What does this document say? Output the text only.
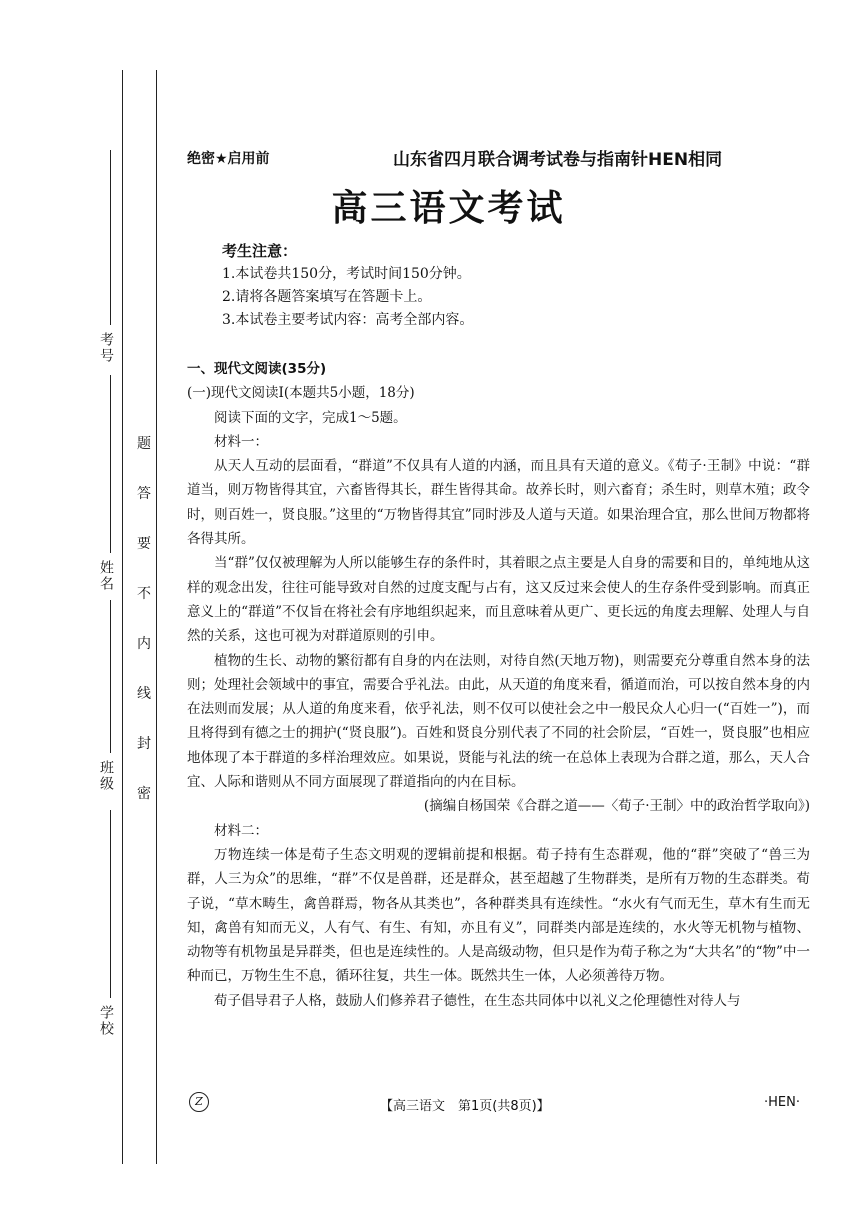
考号
姓名
班级
学校
题
答
要
不
内
线
封
密
绝密★启用前	山东省四月联合调考试卷与指南针HEN相同
高三语文考试
考生注意：
1.本试卷共150分，考试时间150分钟。
2.请将各题答案填写在答题卡上。
3.本试卷主要考试内容：高考全部内容。

一、现代文阅读(35分)

(一)现代文阅读Ⅰ(本题共5小题，18分)

阅读下面的文字，完成1～5题。

材料一：

从天人互动的层面看，“群道”不仅具有人道的内涵，而且具有天道的意义。《荀子·王制》中说：“群道当，则万物皆得其宜，六畜皆得其长，群生皆得其命。故养长时，则六畜育；杀生时，则草木殖；政令时，则百姓一，贤良服。”这里的“万物皆得其宜”同时涉及人道与天道。如果治理合宜，那么世间万物都将各得其所。

当“群”仅仅被理解为人所以能够生存的条件时，其着眼之点主要是人自身的需要和目的，单纯地从这样的观念出发，往往可能导致对自然的过度支配与占有，这又反过来会使人的生存条件受到影响。而真正意义上的“群道”不仅旨在将社会有序地组织起来，而且意味着从更广、更长远的角度去理解、处理人与自然的关系，这也可视为对群道原则的引申。

植物的生长、动物的繁衍都有自身的内在法则，对待自然(天地万物)，则需要充分尊重自然本身的法则；处理社会领域中的事宜，需要合乎礼法。由此，从天道的角度来看，循道而治，可以按自然本身的内在法则而发展；从人道的角度来看，依乎礼法，则不仅可以使社会之中一般民众人心归一(“百姓一”)，而且将得到有德之士的拥护(“贤良服”)。百姓和贤良分别代表了不同的社会阶层，“百姓一，贤良服”也相应地体现了本于群道的多样治理效应。如果说，贤能与礼法的统一在总体上表现为合群之道，那么，天人合宜、人际和谐则从不同方面展现了群道指向的内在目标。

(摘编自杨国荣《合群之道——〈荀子·王制〉中的政治哲学取向》)

材料二：

万物连续一体是荀子生态文明观的逻辑前提和根据。荀子持有生态群观，他的“群”突破了“兽三为群，人三为众”的思维，“群”不仅是兽群，还是群众，甚至超越了生物群类，是所有万物的生态群类。荀子说，“草木畴生，禽兽群焉，物各从其类也”，各种群类具有连续性。“水火有气而无生，草木有生而无知，禽兽有知而无义，人有气、有生、有知，亦且有义”，同群类内部是连续的，水火等无机物与植物、动物等有机物虽是异群类，但也是连续性的。人是高级动物，但只是作为荀子称之为“大共名”的“物”中一种而已，万物生生不息，循环往复，共生一体。既然共生一体，人必须善待万物。

荀子倡导君子人格，鼓励人们修养君子德性，在生态共同体中以礼义之伦理德性对待人与

Z	【高三语文　第1页(共8页)】	·HEN·
